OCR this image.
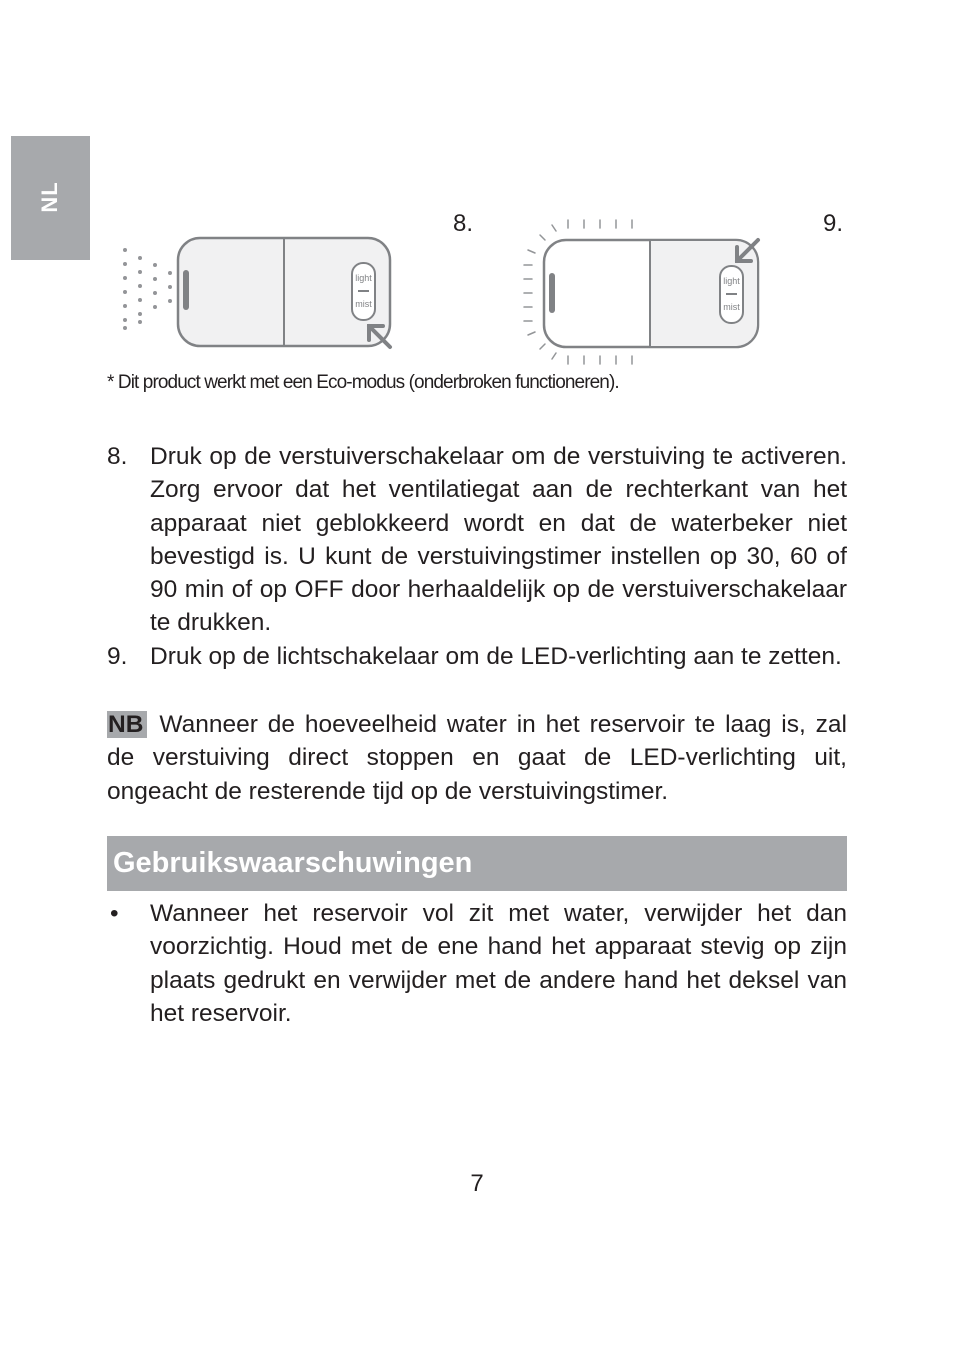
NL
8.
light
mist
9.
light
mist
* Dit product werkt met een Eco-modus (onderbroken functioneren).
8. Druk op de verstuiverschakelaar om de verstuiving te activeren. Zorg ervoor dat het ventilatiegat aan de rechterkant van het apparaat niet geblokkeerd wordt en dat de waterbeker niet bevestigd is. U kunt de verstuivingstimer instellen op 30, 60 of 90 min of op OFF door herhaaldelijk op de verstuiverschakelaar te drukken.
9. Druk op de lichtschakelaar om de LED-verlichting aan te zetten.
NB Wanneer de hoeveelheid water in het reservoir te laag is, zal de verstuiving direct stoppen en gaat de LED-verlichting uit, ongeacht de resterende tijd op de verstuivingstimer.
Gebruikswaarschuwingen
•	Wanneer het reservoir vol zit met water, verwijder het dan voorzichtig. Houd met de ene hand het apparaat stevig op zijn plaats gedrukt en verwijder met de andere hand het deksel van het reservoir.
7
